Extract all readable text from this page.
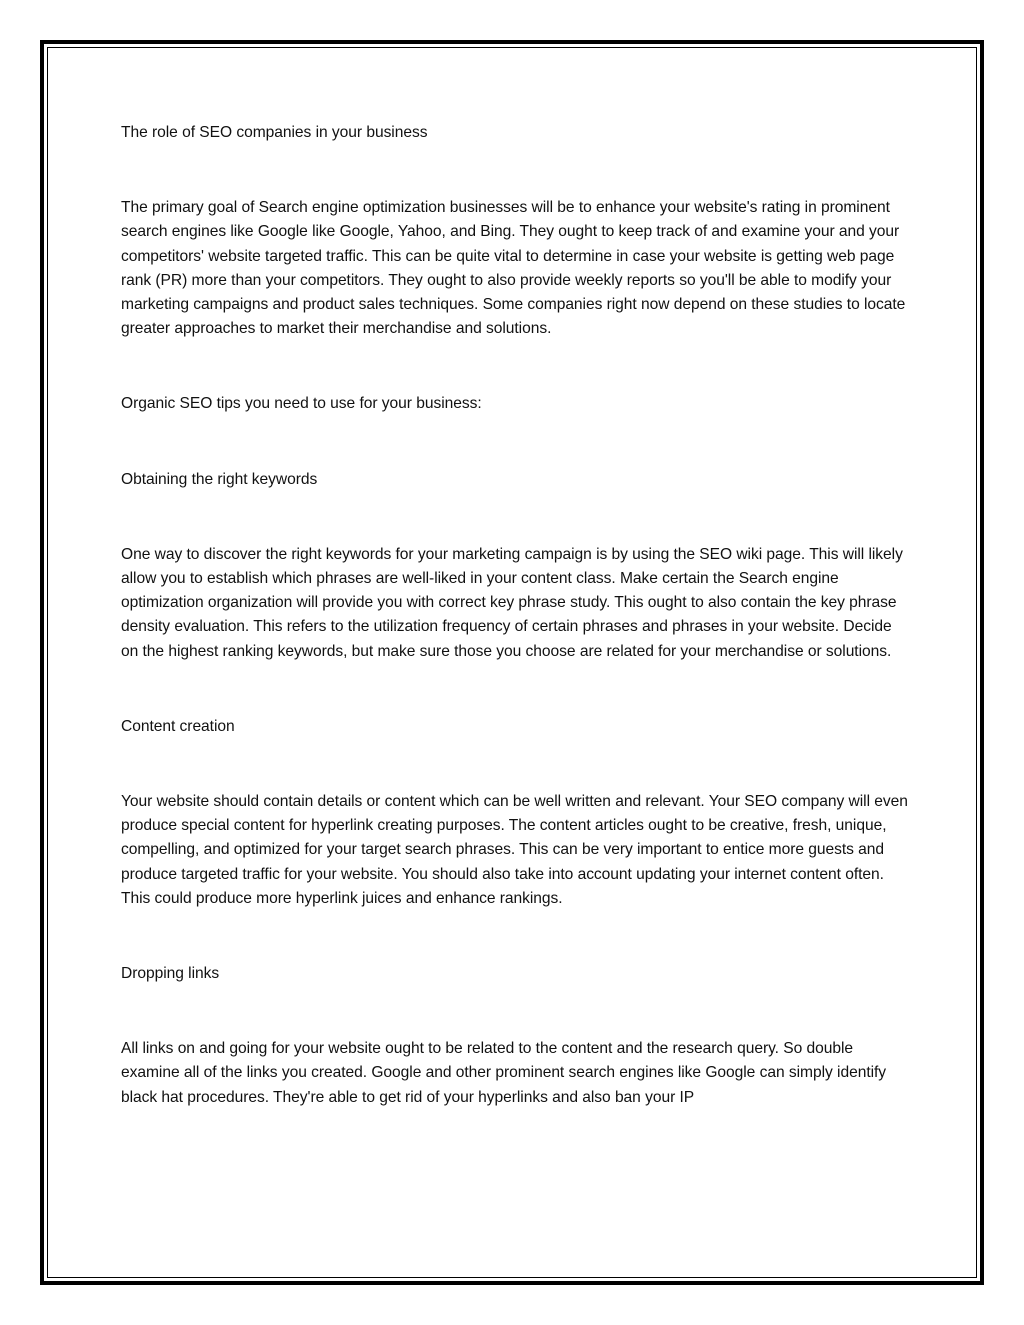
The role of SEO companies in your business

The primary goal of Search engine optimization businesses will be to enhance your website's rating in prominent search engines like Google like Google, Yahoo, and Bing. They ought to keep track of and examine your and your competitors' website targeted traffic. This can be quite vital to determine in case your website is getting web page rank (PR) more than your competitors. They ought to also provide weekly reports so you'll be able to modify your marketing campaigns and product sales techniques. Some companies right now depend on these studies to locate greater approaches to market their merchandise and solutions.

Organic SEO tips you need to use for your business:

Obtaining the right keywords

One way to discover the right keywords for your marketing campaign is by using the SEO wiki page. This will likely allow you to establish which phrases are well-liked in your content class. Make certain the Search engine optimization organization will provide you with correct key phrase study. This ought to also contain the key phrase density evaluation. This refers to the utilization frequency of certain phrases and phrases in your website. Decide on the highest ranking keywords, but make sure those you choose are related for your merchandise or solutions.

Content creation

Your website should contain details or content which can be well written and relevant. Your SEO company will even produce special content for hyperlink creating purposes. The content articles ought to be creative, fresh, unique, compelling, and optimized for your target search phrases. This can be very important to entice more guests and produce targeted traffic for your website. You should also take into account updating your internet content often. This could produce more hyperlink juices and enhance rankings.

Dropping links

All links on and going for your website ought to be related to the content and the research query. So double examine all of the links you created. Google and other prominent search engines like Google can simply identify black hat procedures. They're able to get rid of your hyperlinks and also ban your IP
